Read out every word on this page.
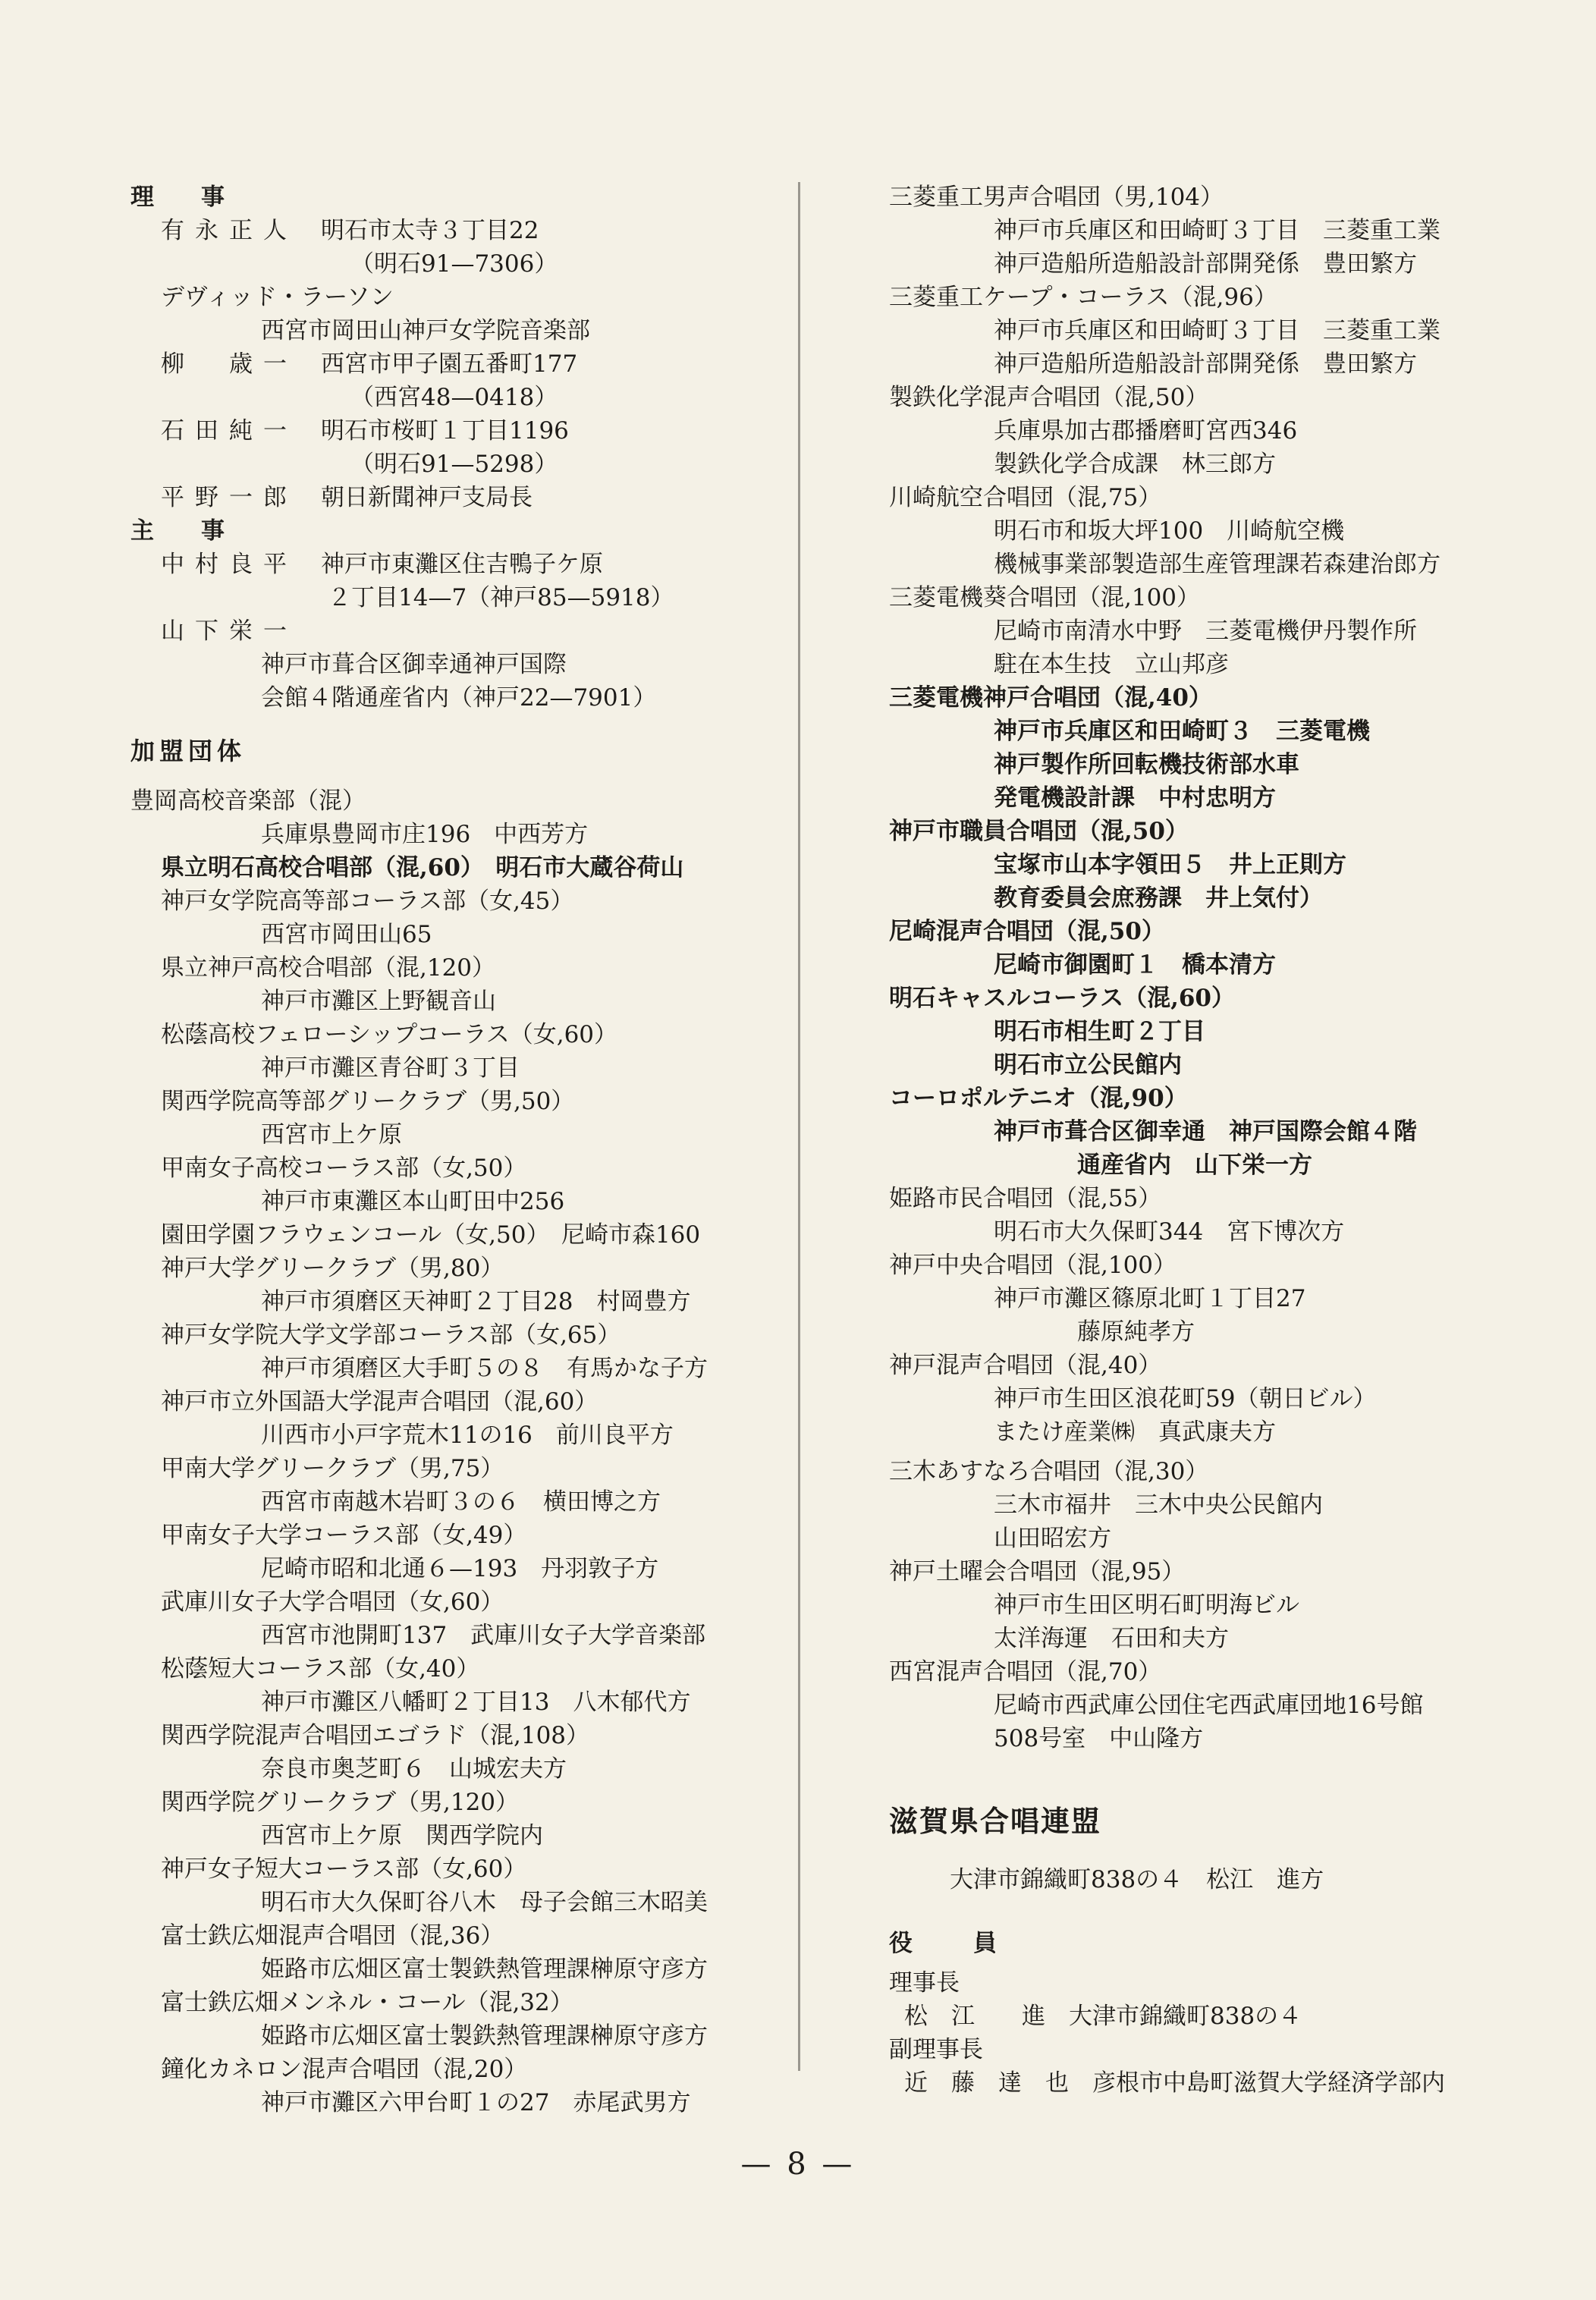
理　　事
有永正人　 明石市太寺３丁目22
（明石91—7306）
デヴィッド・ラーソン
西宮市岡田山神戸女学院音楽部
柳　歳一　 西宮市甲子園五番町177
（西宮48—0418）
石田純一　 明石市桜町１丁目1196
（明石91—5298）
平野一郎　 朝日新聞神戸支局長
主　　事
中村良平　 神戸市東灘区住吉鴨子ケ原
２丁目14—7（神戸85—5918）
山下栄一
神戸市葺合区御幸通神戸国際
会館４階通産省内（神戸22—7901）
加盟団体
豊岡高校音楽部（混）
兵庫県豊岡市庄196　中西芳方
県立明石高校合唱部（混,60）　明石市大蔵谷荷山
神戸女学院高等部コーラス部（女,45）
西宮市岡田山65
県立神戸高校合唱部（混,120）
神戸市灘区上野観音山
松蔭高校フェローシップコーラス（女,60）
神戸市灘区青谷町３丁目
関西学院高等部グリークラブ（男,50）
西宮市上ケ原
甲南女子高校コーラス部（女,50）
神戸市東灘区本山町田中256
園田学園フラウェンコール（女,50）　尼崎市森160
神戸大学グリークラブ（男,80）
神戸市須磨区天神町２丁目28　村岡豊方
神戸女学院大学文学部コーラス部（女,65）
神戸市須磨区大手町５の８　有馬かな子方
神戸市立外国語大学混声合唱団（混,60）
川西市小戸字荒木11の16　前川良平方
甲南大学グリークラブ（男,75）
西宮市南越木岩町３の６　横田博之方
甲南女子大学コーラス部（女,49）
尼崎市昭和北通６—193　丹羽敦子方
武庫川女子大学合唱団（女,60）
西宮市池開町137　武庫川女子大学音楽部
松蔭短大コーラス部（女,40）
神戸市灘区八幡町２丁目13　八木郁代方
関西学院混声合唱団エゴラド（混,108）
奈良市奥芝町６　山城宏夫方
関西学院グリークラブ（男,120）
西宮市上ケ原　関西学院内
神戸女子短大コーラス部（女,60）
明石市大久保町谷八木　母子会館三木昭美
富士鉄広畑混声合唱団（混,36）
姫路市広畑区富士製鉄熱管理課榊原守彦方
富士鉄広畑メンネル・コール（混,32）
姫路市広畑区富士製鉄熱管理課榊原守彦方
鐘化カネロン混声合唱団（混,20）
神戸市灘区六甲台町１の27　赤尾武男方
三菱重工男声合唱団（男,104）
神戸市兵庫区和田崎町３丁目　三菱重工業
神戸造船所造船設計部開発係　豊田繁方
三菱重工ケープ・コーラス（混,96）
神戸市兵庫区和田崎町３丁目　三菱重工業
神戸造船所造船設計部開発係　豊田繁方
製鉄化学混声合唱団（混,50）
兵庫県加古郡播磨町宮西346
製鉄化学合成課　林三郎方
川崎航空合唱団（混,75）
明石市和坂大坪100　川崎航空機
機械事業部製造部生産管理課若森建治郎方
三菱電機葵合唱団（混,100）
尼崎市南清水中野　三菱電機伊丹製作所
駐在本生技　立山邦彦
三菱電機神戸合唱団（混,40）
神戸市兵庫区和田崎町３　三菱電機
神戸製作所回転機技術部水車
発電機設計課　中村忠明方
神戸市職員合唱団（混,50）
宝塚市山本字領田５　井上正則方
教育委員会庶務課　井上気付）
尼崎混声合唱団（混,50）
尼崎市御園町１　橋本清方
明石キャスルコーラス（混,60）
明石市相生町２丁目
明石市立公民館内
コーロポルテニオ（混,90）
神戸市葺合区御幸通　神戸国際会館４階
通産省内　山下栄一方
姫路市民合唱団（混,55）
明石市大久保町344　宮下博次方
神戸中央合唱団（混,100）
神戸市灘区篠原北町１丁目27
藤原純孝方
神戸混声合唱団（混,40）
神戸市生田区浪花町59（朝日ビル）
またけ産業㈱　真武康夫方
三木あすなろ合唱団（混,30）
三木市福井　三木中央公民館内
山田昭宏方
神戸土曜会合唱団（混,95）
神戸市生田区明石町明海ビル
太洋海運　石田和夫方
西宮混声合唱団（混,70）
尼崎市西武庫公団住宅西武庫団地16号館
508号室　中山隆方
滋賀県合唱連盟
大津市錦織町838の４　松江　進方
役　　員
理事長
松　江　　進　大津市錦織町838の４
副理事長
近　藤　達　也　彦根市中島町滋賀大学経済学部内
— 8 —
